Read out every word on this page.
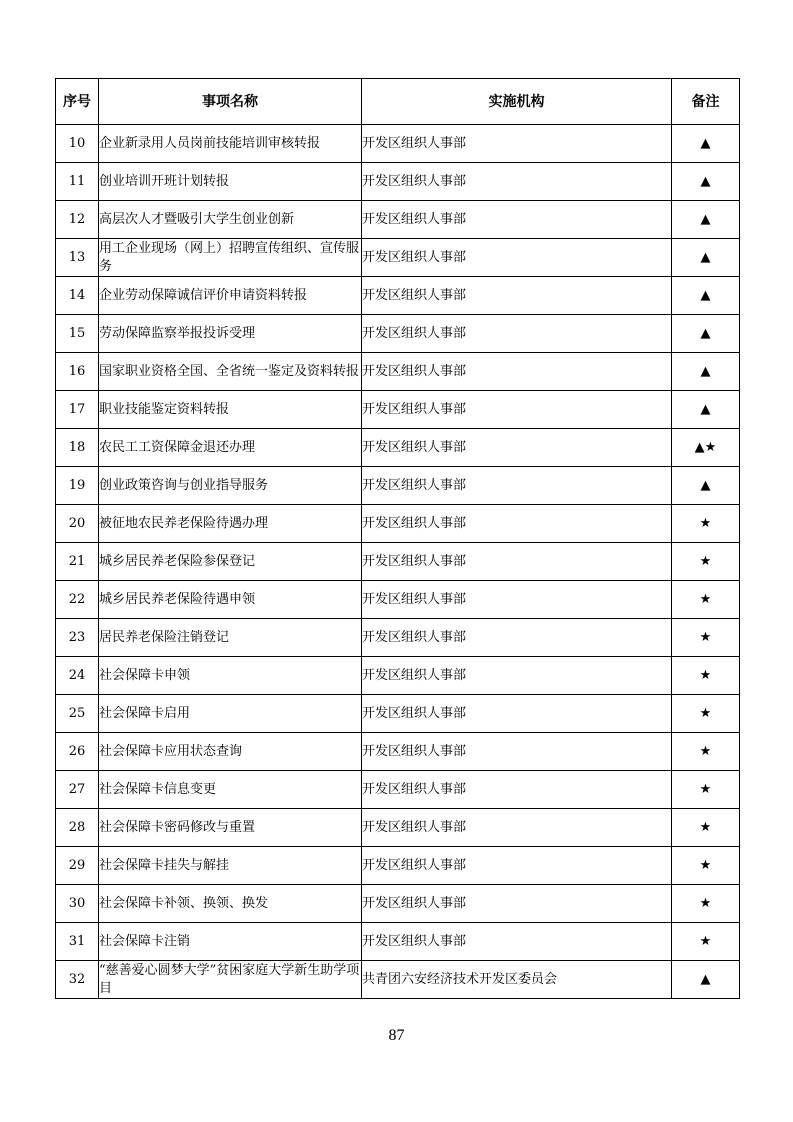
序号	事项名称	实施机构	备注
10	企业新录用人员岗前技能培训审核转报	开发区组织人事部	▲
11	创业培训开班计划转报	开发区组织人事部	▲
12	高层次人才暨吸引大学生创业创新	开发区组织人事部	▲
13	用工企业现场（网上）招聘宣传组织、宣传服务	开发区组织人事部	▲
14	企业劳动保障诚信评价申请资料转报	开发区组织人事部	▲
15	劳动保障监察举报投诉受理	开发区组织人事部	▲
16	国家职业资格全国、全省统一鉴定及资料转报	开发区组织人事部	▲
17	职业技能鉴定资料转报	开发区组织人事部	▲
18	农民工工资保障金退还办理	开发区组织人事部	▲★
19	创业政策咨询与创业指导服务	开发区组织人事部	▲
20	被征地农民养老保险待遇办理	开发区组织人事部	★
21	城乡居民养老保险参保登记	开发区组织人事部	★
22	城乡居民养老保险待遇申领	开发区组织人事部	★
23	居民养老保险注销登记	开发区组织人事部	★
24	社会保障卡申领	开发区组织人事部	★
25	社会保障卡启用	开发区组织人事部	★
26	社会保障卡应用状态查询	开发区组织人事部	★
27	社会保障卡信息变更	开发区组织人事部	★
28	社会保障卡密码修改与重置	开发区组织人事部	★
29	社会保障卡挂失与解挂	开发区组织人事部	★
30	社会保障卡补领、换领、换发	开发区组织人事部	★
31	社会保障卡注销	开发区组织人事部	★
32	“慈善爱心圆梦大学”贫困家庭大学新生助学项目	共青团六安经济技术开发区委员会	▲
87
